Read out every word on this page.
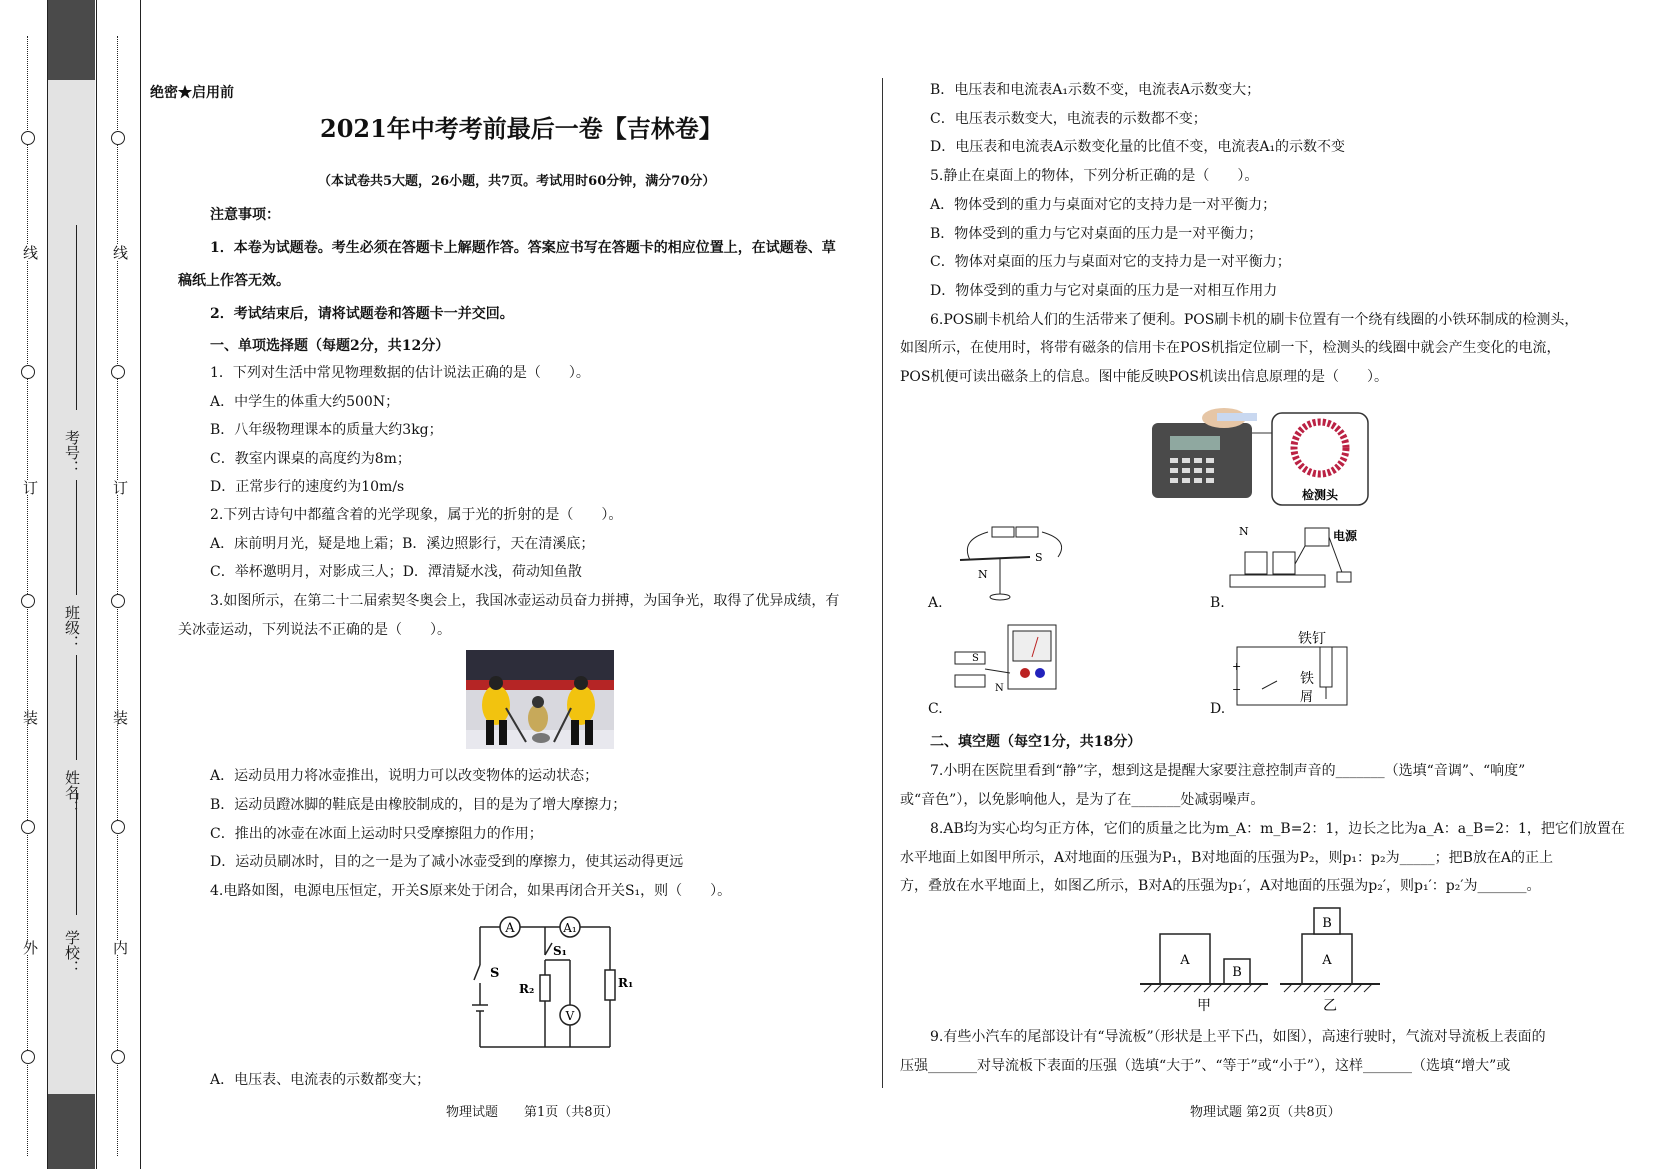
线
订
装
外
线
订
装
内
考号：
班级：
姓名：
学校：
绝密★启用前
2021年中考考前最后一卷【吉林卷】
（本试卷共5大题，26小题，共7页。考试用时60分钟，满分70分）
注意事项：
1．本卷为试题卷。考生必须在答题卡上解题作答。答案应书写在答题卡的相应位置上，在试题卷、草
稿纸上作答无效。
2．考试结束后，请将试题卷和答题卡一并交回。
一、单项选择题（每题2分，共12分）
1．下列对生活中常见物理数据的估计说法正确的是（　　）。
A．中学生的体重大约500N；
B．八年级物理课本的质量大约3kg；
C．教室内课桌的高度约为8m；
D．正常步行的速度约为10m/s
2.下列古诗句中都蕴含着的光学现象，属于光的折射的是（　　）。
A．床前明月光，疑是地上霜；B．溪边照影行，天在清溪底；
C．举杯邀明月，对影成三人；D．潭清疑水浅，荷动知鱼散
3.如图所示，在第二十二届索契冬奥会上，我国冰壶运动员奋力拼搏，为国争光，取得了优异成绩，有
关冰壶运动，下列说法不正确的是（　　）。
A．运动员用力将冰壶推出，说明力可以改变物体的运动状态；
B．运动员蹬冰脚的鞋底是由橡胶制成的，目的是为了增大摩擦力；
C．推出的冰壶在冰面上运动时只受摩擦阻力的作用；
D．运动员刷冰时，目的之一是为了减小冰壶受到的摩擦力，使其运动得更远
4.电路如图，电源电压恒定，开关S原来处于闭合，如果再闭合开关S₁，则（　　）。
A	A₁
S
S₁
R₂	R₁
V
A．电压表、电流表的示数都变大；
物理试题　　第1页（共8页）
B．电压表和电流表A₁示数不变，电流表A示数变大；
C．电压表示数变大，电流表的示数都不变；
D．电压表和电流表A示数变化量的比值不变，电流表A₁的示数不变
5.静止在桌面上的物体，下列分析正确的是（　　）。
A．物体受到的重力与桌面对它的支持力是一对平衡力；
B．物体受到的重力与它对桌面的压力是一对平衡力；
C．物体对桌面的压力与桌面对它的支持力是一对平衡力；
D．物体受到的重力与它对桌面的压力是一对相互作用力
6.POS刷卡机给人们的生活带来了便利。POS刷卡机的刷卡位置有一个绕有线圈的小铁环制成的检测头，
如图所示，在使用时，将带有磁条的信用卡在POS机指定位刷一下，检测头的线圈中就会产生变化的电流，
POS机便可读出磁条上的信息。图中能反映POS机读出信息原理的是（　　）。
检测头
N
S
A.
N	电源
B.
S
N
C.
铁钉
铁
屑
+
−
D.
二、填空题（每空1分，共18分）
7.小明在医院里看到“静”字，想到这是提醒大家要注意控制声音的_______（选填“音调”、“响度”
或“音色”），以免影响他人，是为了在_______处减弱噪声。
8.AB均为实心均匀正方体，它们的质量之比为m_A：m_B=2：1，边长之比为a_A：a_B=2：1，把它们放置在
水平地面上如图甲所示，A对地面的压强为P₁，B对地面的压强为P₂，则p₁：p₂为_____；把B放在A的正上
方，叠放在水平地面上，如图乙所示，B对A的压强为p₁′，A对地面的压强为p₂′，则p₁′：p₂′为_______。
A
B
A
B
甲	乙
9.有些小汽车的尾部设计有“导流板”（形状是上平下凸，如图），高速行驶时，气流对导流板上表面的
压强_______对导流板下表面的压强（选填“大于”、“等于”或“小于”），这样_______（选填“增大”或
物理试题 第2页（共8页）
